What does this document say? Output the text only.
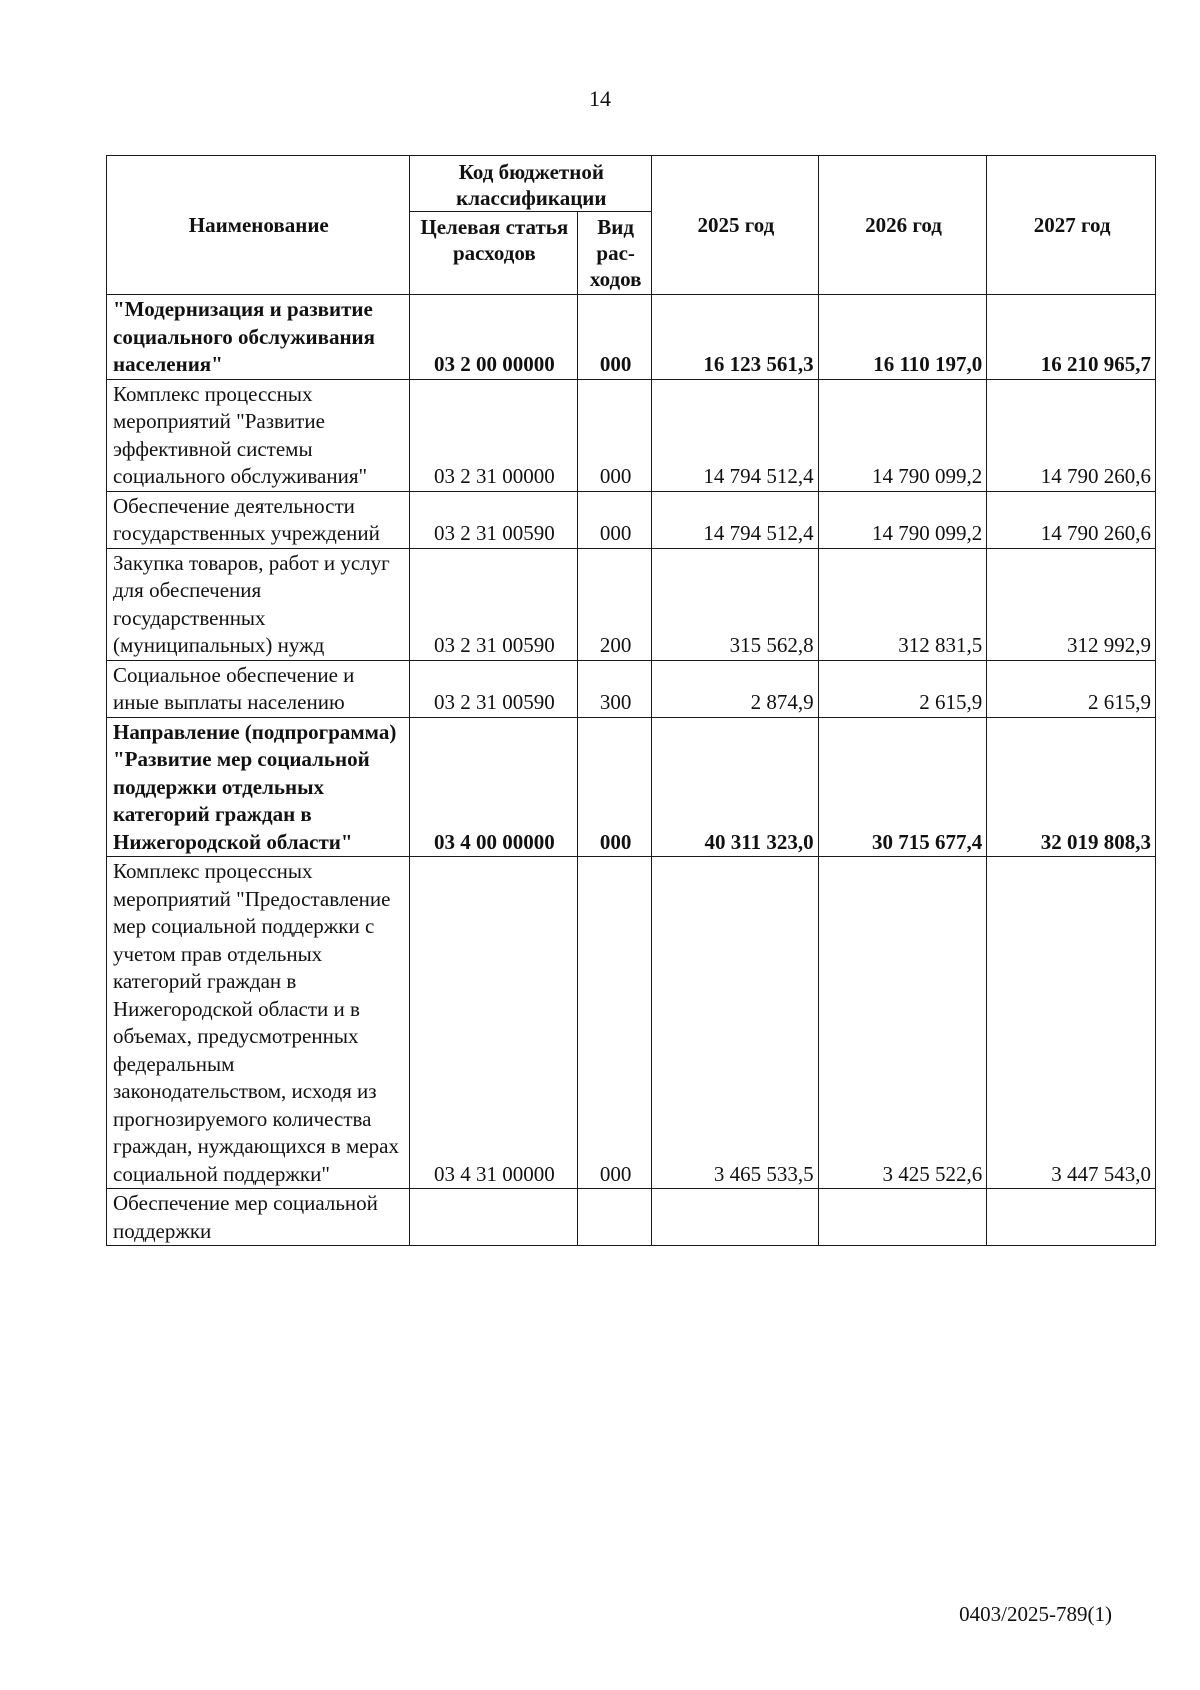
14
Наименование	Код бюджетной классификации		2025 год	2026 год	2027 год
	Целевая статья расходов	Вид рас-ходов			
"Модернизация и развитие социального обслуживания населения"	03 2 00 00000	000	16 123 561,3	16 110 197,0	16 210 965,7
Комплекс процессных мероприятий "Развитие эффективной системы социального обслуживания"	03 2 31 00000	000	14 794 512,4	14 790 099,2	14 790 260,6
Обеспечение деятельности государственных учреждений	03 2 31 00590	000	14 794 512,4	14 790 099,2	14 790 260,6
Закупка товаров, работ и услуг для обеспечения государственных (муниципальных) нужд	03 2 31 00590	200	315 562,8	312 831,5	312 992,9
Социальное обеспечение и иные выплаты населению	03 2 31 00590	300	2 874,9	2 615,9	2 615,9
Направление (подпрограмма) "Развитие мер социальной поддержки отдельных категорий граждан в Нижегородской области"	03 4 00 00000	000	40 311 323,0	30 715 677,4	32 019 808,3
Комплекс процессных мероприятий "Предоставление мер социальной поддержки с учетом прав отдельных категорий граждан в Нижегородской области и в объемах, предусмотренных федеральным законодательством, исходя из прогнозируемого количества граждан, нуждающихся в мерах социальной поддержки"	03 4 31 00000	000	3 465 533,5	3 425 522,6	3 447 543,0
Обеспечение мер социальной поддержки					
0403/2025-789(1)
